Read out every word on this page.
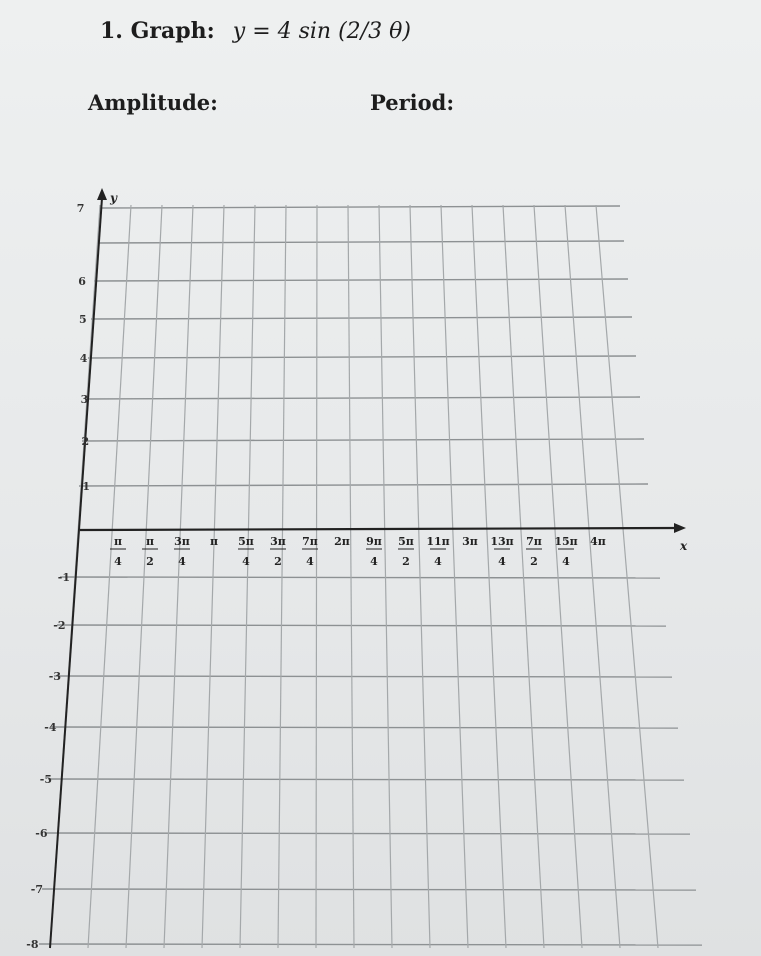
1. Graph: y = 4 sin (2/3 θ)
Amplitude:	Period:
x
y
π
4
π
2
3π
4
π 5π
4
3π
2
7π
4
2π 9π
4
5π
2
11π
4
3π 13π
4
7π
2
15π
4
4π
1
2
3
4
5
6
7
-1
-2
-3
-4
-5
-6
-7
-8
